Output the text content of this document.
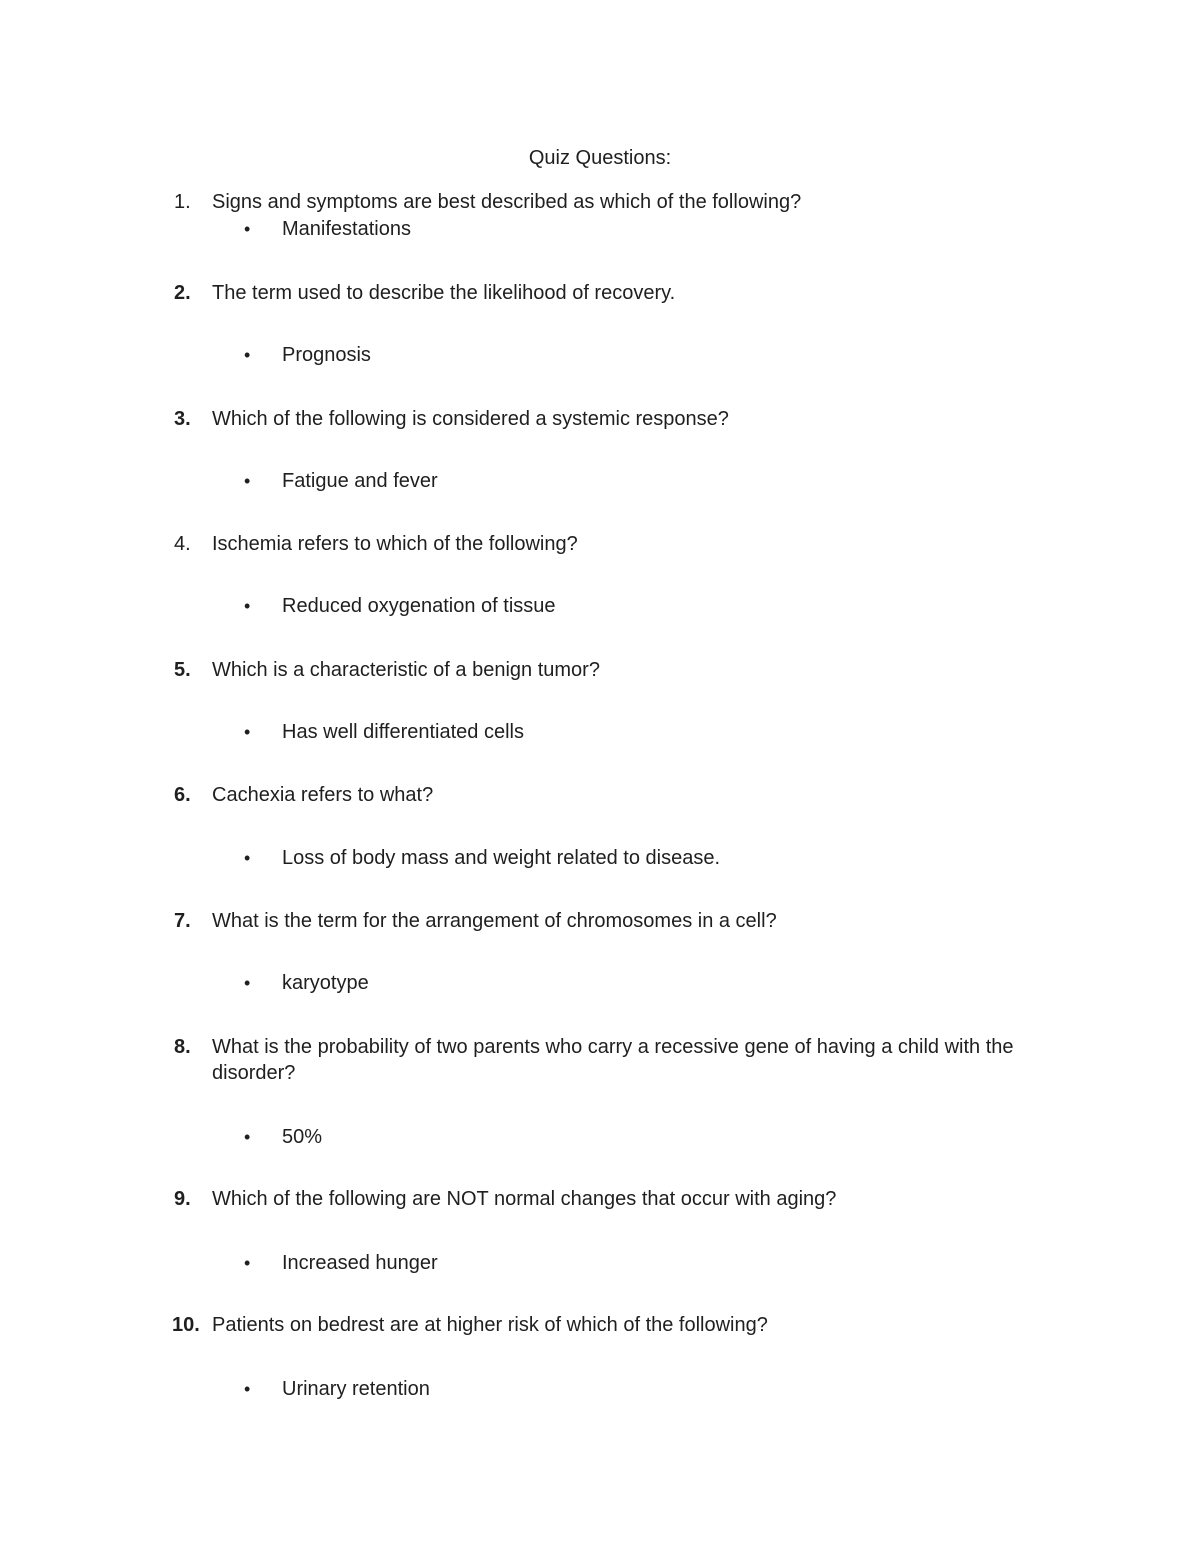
Quiz Questions:
1.	Signs and symptoms are best described as which of the following?
• Manifestations
2.	The term used to describe the likelihood of recovery.
• Prognosis
3.	Which of the following is considered a systemic response?
• Fatigue and fever
4.	Ischemia refers to which of the following?
• Reduced oxygenation of tissue
5.	Which is a characteristic of a benign tumor?
• Has well differentiated cells
6.	Cachexia refers to what?
• Loss of body mass and weight related to disease.
7.	What is the term for the arrangement of chromosomes in a cell?
• karyotype
8.	What is the probability of two parents who carry a recessive gene of having a child with the disorder?
• 50%
9.	Which of the following are NOT normal changes that occur with aging?
• Increased hunger
10. Patients on bedrest are at higher risk of which of the following?
• Urinary retention
